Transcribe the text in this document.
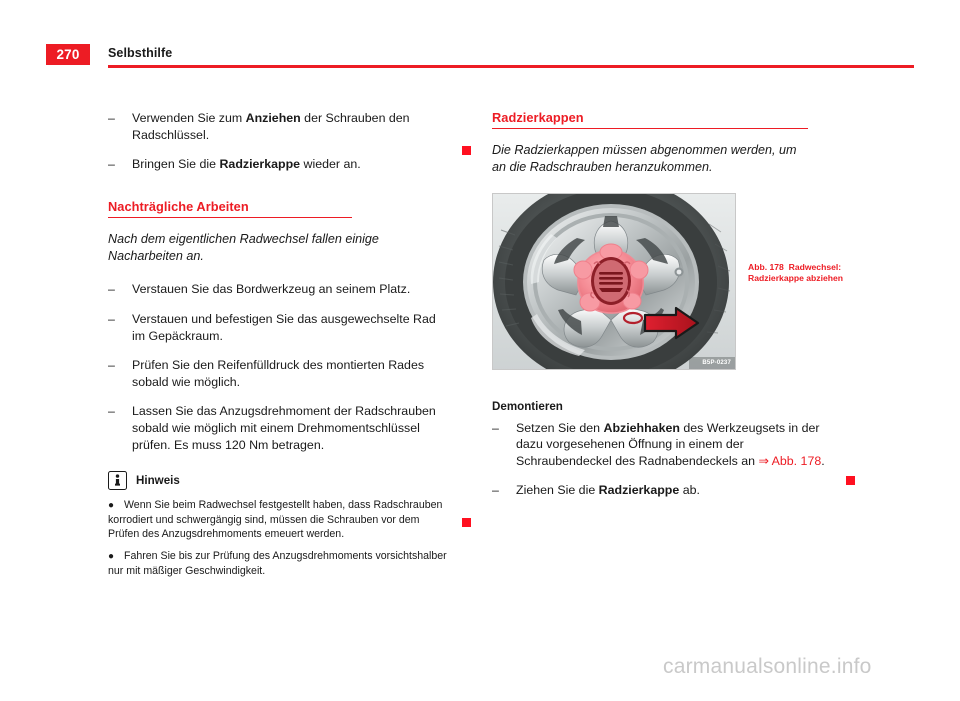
270	Selbsthilfe
– Verwenden Sie zum Anziehen der Schrauben den Radschlüssel.
– Bringen Sie die Radzierkappe wieder an.
Nachträgliche Arbeiten
Nach dem eigentlichen Radwechsel fallen einige Nacharbeiten an.
– Verstauen Sie das Bordwerkzeug an seinem Platz.
– Verstauen und befestigen Sie das ausgewechselte Rad im Gepäckraum.
– Prüfen Sie den Reifenfülldruck des montierten Rades sobald wie möglich.
– Lassen Sie das Anzugsdrehmoment der Radschrauben sobald wie möglich mit einem Drehmomentschlüssel prüfen. Es muss 120 Nm betragen.
Hinweis
● Wenn Sie beim Radwechsel festgestellt haben, dass Radschrauben korrodiert und schwergängig sind, müssen die Schrauben vor dem Prüfen des Anzugsdrehmoments emeuert werden.
● Fahren Sie bis zur Prüfung des Anzugsdrehmoments vorsichtshalber nur mit mäßiger Geschwindigkeit.
Radzierkappen
Die Radzierkappen müssen abgenommen werden, um an die Radschrauben heranzukommen.
B5P-0237
Abb. 178 Radwechsel: Radzierkappe abziehen
Demontieren
– Setzen Sie den Abziehhaken des Werkzeugsets in der dazu vorgesehenen Öffnung in einem der Schraubendeckel des Radnabendeckels an ⇒ Abb. 178.
– Ziehen Sie die Radzierkappe ab.
carmanualsonline.info
